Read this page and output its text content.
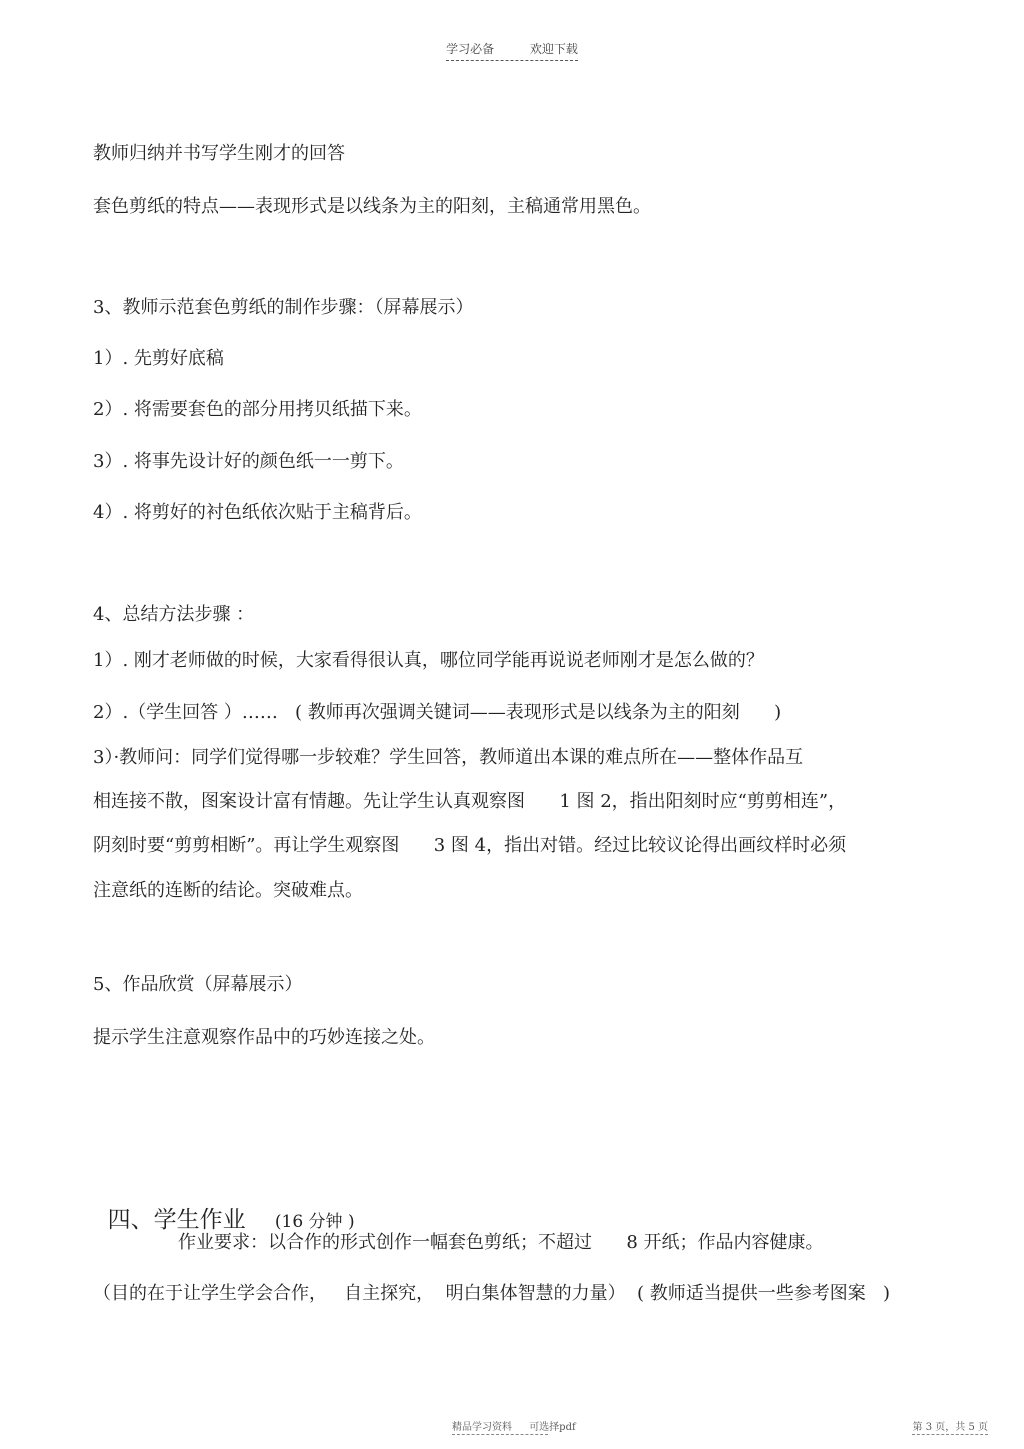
学习必备	欢迎下载
教师归纳并书写学生刚才的回答
套色剪纸的特点——表现形式是以线条为主的阳刻，主稿通常用黑色。
3、教师示范套色剪纸的制作步骤：（屏幕展示）
1）. 先剪好底稿
2）. 将需要套色的部分用拷贝纸描下来。
3）. 将事先设计好的颜色纸一一剪下。
4）. 将剪好的衬色纸依次贴于主稿背后。
4、总结方法步骤 ：
1）. 刚才老师做的时候，大家看得很认真，哪位同学能再说说老师刚才是怎么做的？
2）.（学生回答 ）……   ( 教师再次强调关键词——表现形式是以线条为主的阳刻      )
3）·教师问：同学们觉得哪一步较难？学生回答，教师道出本课的难点所在——整体作品互
相连接不散，图案设计富有情趣。先让学生认真观察图      1 图 2，指出阳刻时应“剪剪相连”，
阴刻时要“剪剪相断”。再让学生观察图      3 图 4，指出对错。经过比较议论得出画纹样时必须
注意纸的连断的结论。突破难点。
5、作品欣赏（屏幕展示）
提示学生注意观察作品中的巧妙连接之处。

四、学生作业 (16 分钟 )

作业要求：以合作的形式创作一幅套色剪纸；不超过      8 开纸；作品内容健康。
（目的在于让学生学会合作，   自主探究，  明白集体智慧的力量）  ( 教师适当提供一些参考图案   )
精品学习资料 可选择pdf	第 3 页，共 5 页
